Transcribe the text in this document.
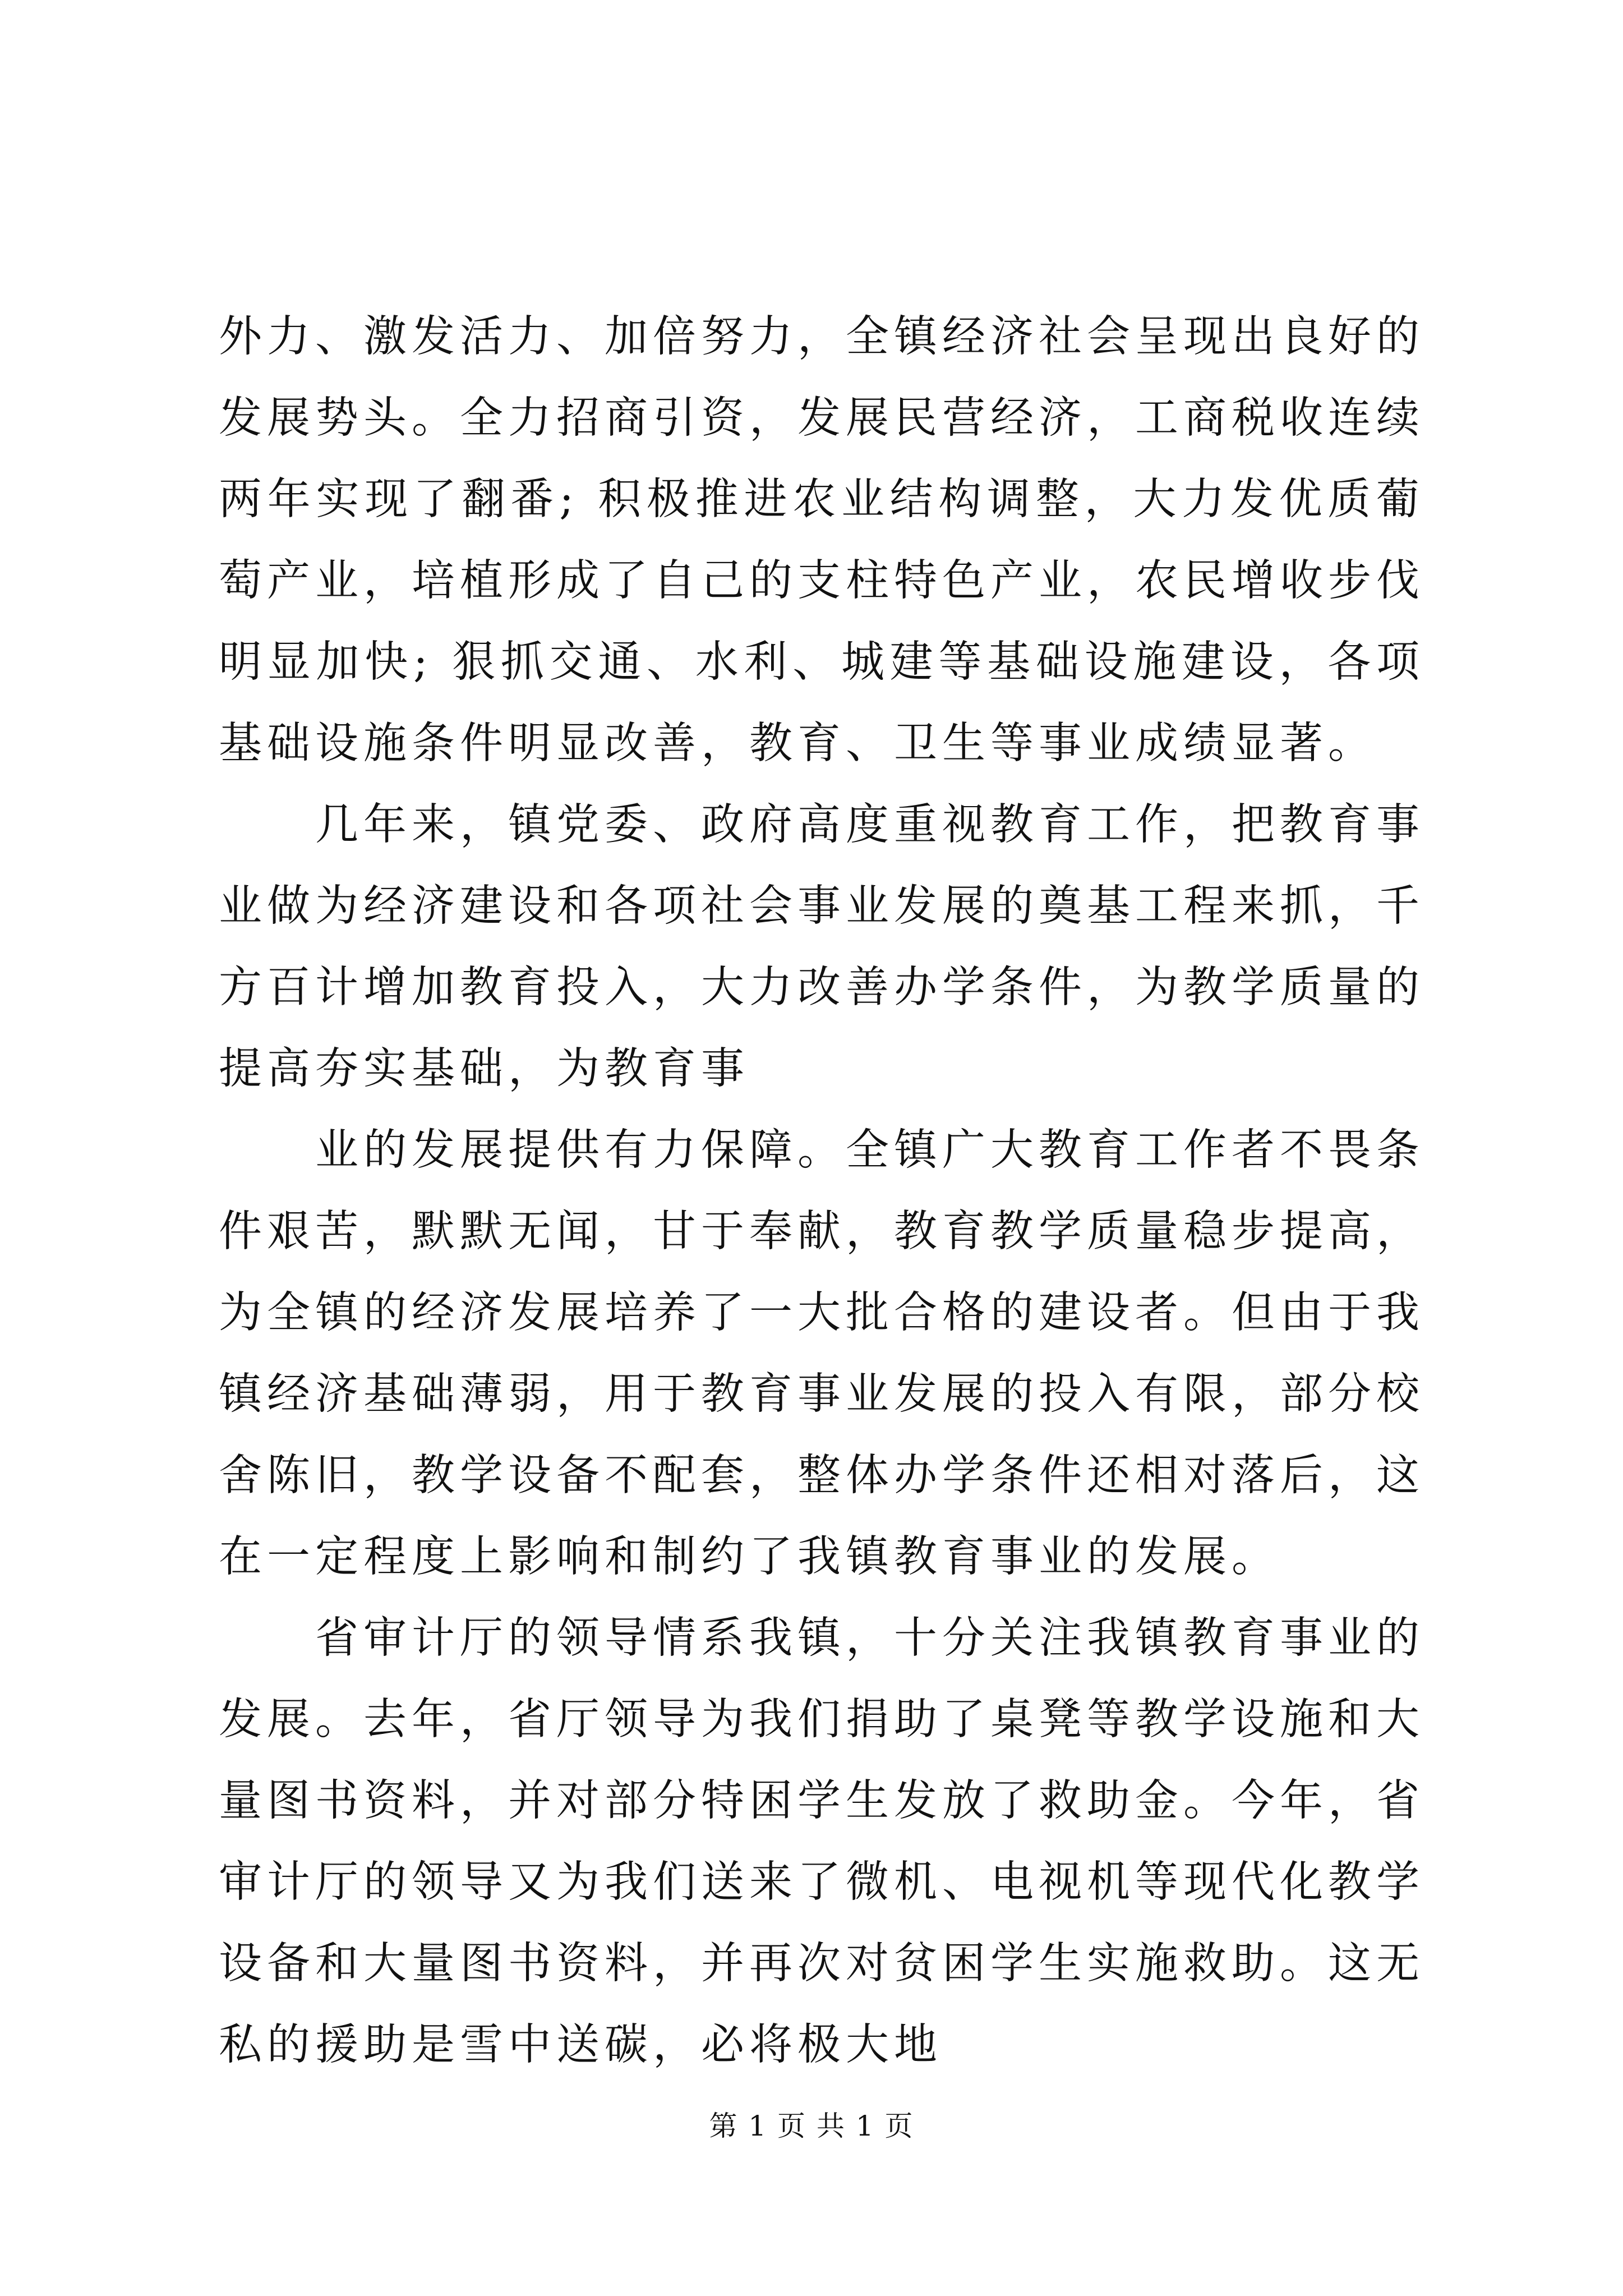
外力、激发活力、加倍努力，全镇经济社会呈现出良好的发展势头。全力招商引资，发展民营经济，工商税收连续两年实现了翻番; 积极推进农业结构调整，大力发优质葡萄产业，培植形成了自己的支柱特色产业，农民增收步伐明显加快; 狠抓交通、水利、城建等基础设施建设，各项基础设施条件明显改善，教育、卫生等事业成绩显著。

几年来，镇党委、政府高度重视教育工作，把教育事业做为经济建设和各项社会事业发展的奠基工程来抓，千方百计增加教育投入，大力改善办学条件，为教学质量的提高夯实基础，为教育事

业的发展提供有力保障。全镇广大教育工作者不畏条件艰苦，默默无闻，甘于奉献，教育教学质量稳步提高，为全镇的经济发展培养了一大批合格的建设者。但由于我镇经济基础薄弱，用于教育事业发展的投入有限，部分校舍陈旧，教学设备不配套，整体办学条件还相对落后，这在一定程度上影响和制约了我镇教育事业的发展。

省审计厅的领导情系我镇，十分关注我镇教育事业的发展。去年，省厅领导为我们捐助了桌凳等教学设施和大量图书资料，并对部分特困学生发放了救助金。今年，省审计厅的领导又为我们送来了微机、电视机等现代化教学设备和大量图书资料，并再次对贫困学生实施救助。这无私的援助是雪中送碳，必将极大地

第 1 页 共 1 页
